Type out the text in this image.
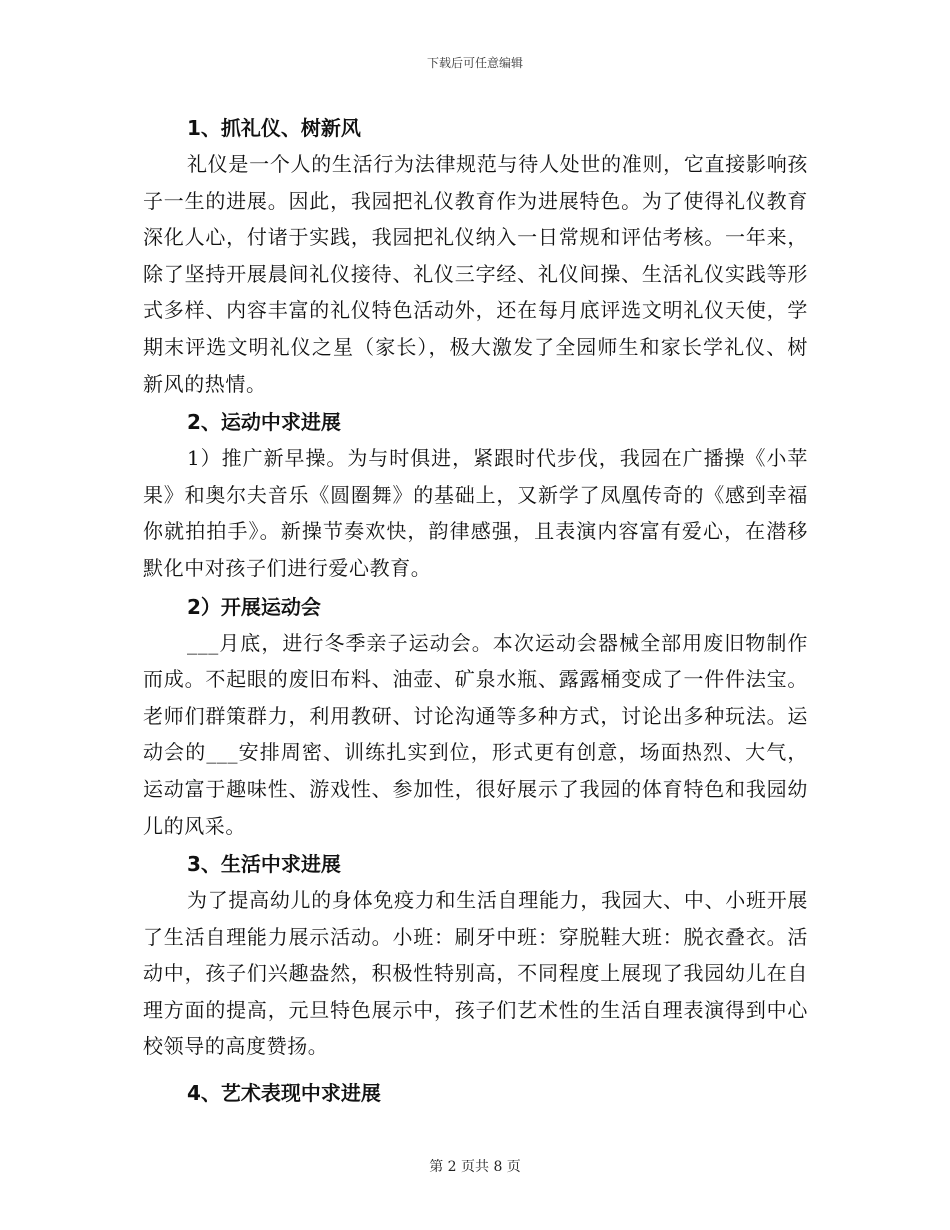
下载后可任意编辑

1、抓礼仪、树新风

礼仪是一个人的生活行为法律规范与待人处世的准则，它直接影响孩子一生的进展。因此，我园把礼仪教育作为进展特色。为了使得礼仪教育深化人心，付诸于实践，我园把礼仪纳入一日常规和评估考核。一年来，除了坚持开展晨间礼仪接待、礼仪三字经、礼仪间操、生活礼仪实践等形式多样、内容丰富的礼仪特色活动外，还在每月底评选文明礼仪天使，学期末评选文明礼仪之星（家长），极大激发了全园师生和家长学礼仪、树新风的热情。

2、运动中求进展

1）推广新早操。为与时俱进，紧跟时代步伐，我园在广播操《小苹果》和奥尔夫音乐《圆圈舞》的基础上，又新学了凤凰传奇的《感到幸福你就拍拍手》。新操节奏欢快，韵律感强，且表演内容富有爱心，在潜移默化中对孩子们进行爱心教育。

2）开展运动会

___月底，进行冬季亲子运动会。本次运动会器械全部用废旧物制作而成。不起眼的废旧布料、油壶、矿泉水瓶、露露桶变成了一件件法宝。老师们群策群力，利用教研、讨论沟通等多种方式，讨论出多种玩法。运动会的___安排周密、训练扎实到位，形式更有创意，场面热烈、大气，运动富于趣味性、游戏性、参加性，很好展示了我园的体育特色和我园幼儿的风采。

3、生活中求进展

为了提高幼儿的身体免疫力和生活自理能力，我园大、中、小班开展了生活自理能力展示活动。小班：刷牙中班：穿脱鞋大班：脱衣叠衣。活动中，孩子们兴趣盎然，积极性特别高，不同程度上展现了我园幼儿在自理方面的提高，元旦特色展示中，孩子们艺术性的生活自理表演得到中心校领导的高度赞扬。

4、艺术表现中求进展

第 2 页共 8 页
